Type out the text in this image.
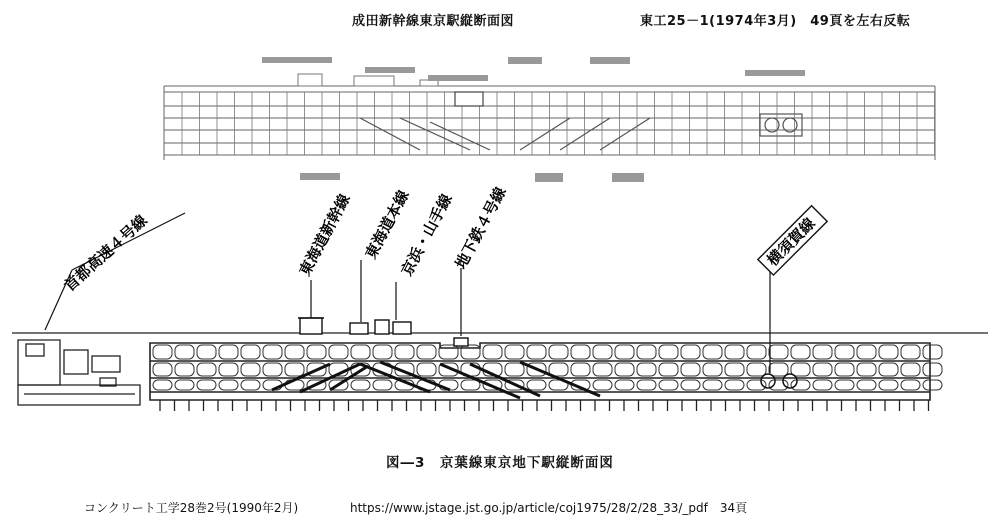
成田新幹線東京駅縦断面図	東工25－1(1974年3月)　49頁を左右反転
首都高速４号線	東海道新幹線 東海道本線
京浜・山手線
地下鉄４号線	横須賀線
図―3　京葉線東京地下駅縦断面図
コンクリート工学28巻2号(1990年2月)	https://www.jstage.jst.go.jp/article/coj1975/28/2/28_33/_pdf　 34頁
